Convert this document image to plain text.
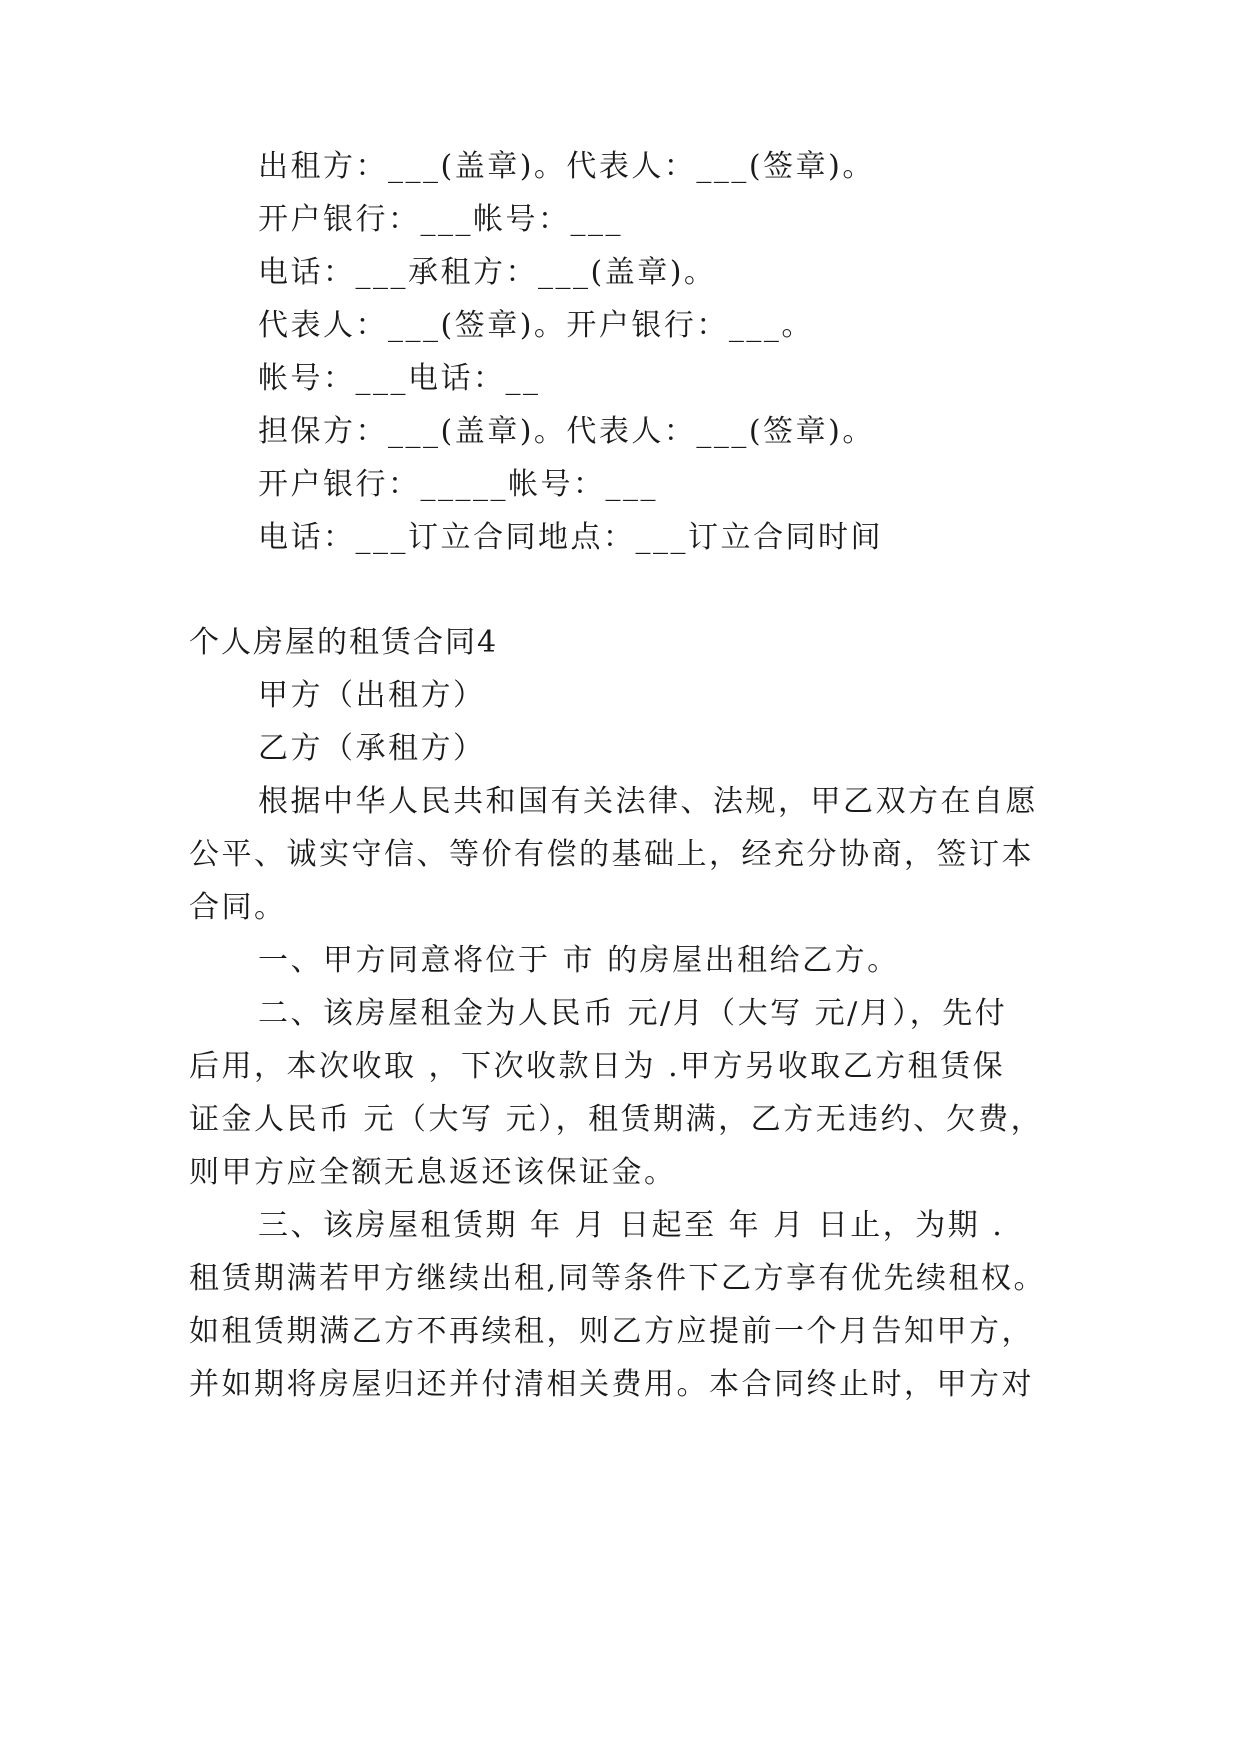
出租方：___(盖章)。代表人：___(签章)。
开户银行：___帐号：___
电话：___承租方：___(盖章)。
代表人：___(签章)。开户银行：___。
帐号：___电话：__
担保方：___(盖章)。代表人：___(签章)。
开户银行：_____帐号：___
电话：___订立合同地点：___订立合同时间
个人房屋的租赁合同4
甲方（出租方）
乙方（承租方）
根据中华人民共和国有关法律、法规，甲乙双方在自愿
公平、诚实守信、等价有偿的基础上，经充分协商，签订本
合同。
一、甲方同意将位于 市 的房屋出租给乙方。
二、该房屋租金为人民币 元/月（大写 元/月），先付
后用，本次收取 ，下次收款日为 .甲方另收取乙方租赁保
证金人民币 元（大写 元），租赁期满，乙方无违约、欠费，
则甲方应全额无息返还该保证金。
三、该房屋租赁期 年 月 日起至 年 月 日止，为期 .
租赁期满若甲方继续出租,同等条件下乙方享有优先续租权。
如租赁期满乙方不再续租，则乙方应提前一个月告知甲方，
并如期将房屋归还并付清相关费用。本合同终止时，甲方对
